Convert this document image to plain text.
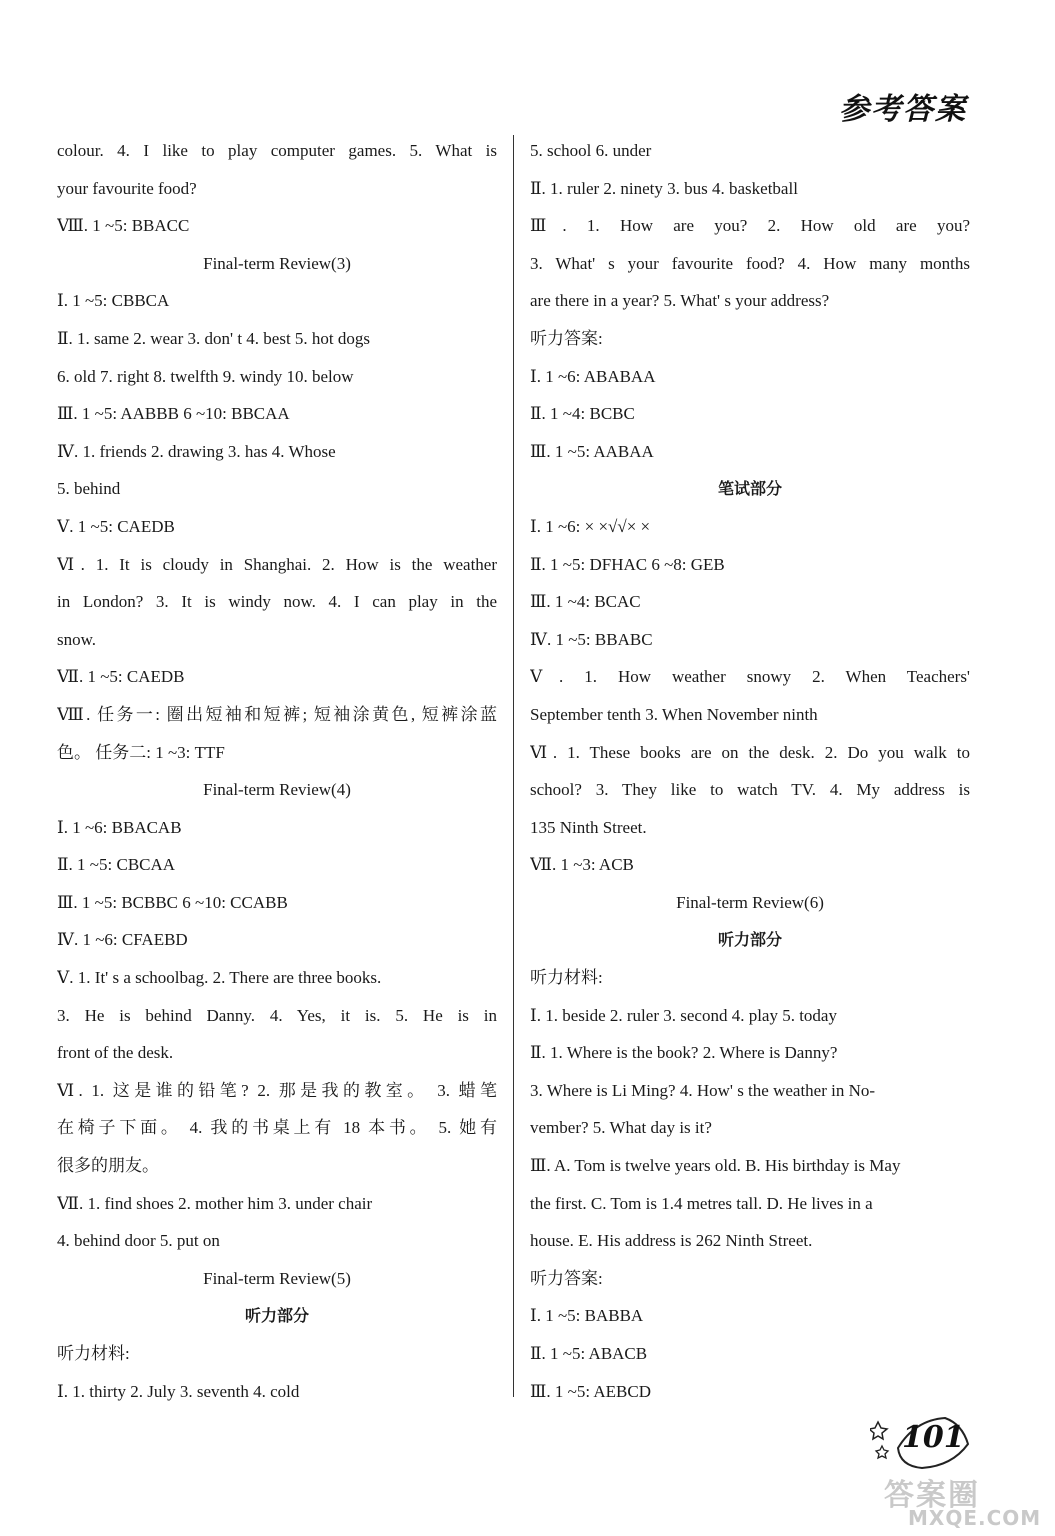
参考答案
colour. 4. I like to play computer games. 5. What is
your favourite food?
Ⅷ. 1 ~5: BBACC
Final-term Review(3)
Ⅰ. 1 ~5: CBBCA
Ⅱ. 1. same 2. wear 3. don' t 4. best 5. hot dogs
6. old 7. right 8. twelfth 9. windy 10. below
Ⅲ. 1 ~5: AABBB 6 ~10: BBCAA
Ⅳ. 1. friends 2. drawing 3. has 4. Whose
5. behind
Ⅴ. 1 ~5: CAEDB
Ⅵ. 1. It is cloudy in Shanghai. 2. How is the weather
in London? 3. It is windy now. 4. I can play in the
snow.
Ⅶ. 1 ~5: CAEDB
Ⅷ. 任务一: 圈出短袖和短裤; 短袖涂黄色, 短裤涂蓝
色。 任务二: 1 ~3: TTF
Final-term Review(4)
Ⅰ. 1 ~6: BBACAB
Ⅱ. 1 ~5: CBCAA
Ⅲ. 1 ~5: BCBBC 6 ~10: CCABB
Ⅳ. 1 ~6: CFAEBD
Ⅴ. 1. It' s a schoolbag. 2. There are three books.
3. He is behind Danny. 4. Yes, it is. 5. He is in
front of the desk.
Ⅵ. 1. 这是谁的铅笔? 2. 那是我的教室。 3. 蜡笔
在椅子下面。 4. 我的书桌上有 18 本书。 5. 她有
很多的朋友。
Ⅶ. 1. find shoes 2. mother him 3. under chair
4. behind door 5. put on
Final-term Review(5)
听力部分
听力材料:
Ⅰ. 1. thirty 2. July 3. seventh 4. cold
5. school 6. under
Ⅱ. 1. ruler 2. ninety 3. bus 4. basketball
Ⅲ. 1. How are you? 2. How old are you?
3. What' s your favourite food? 4. How many months
are there in a year? 5. What' s your address?
听力答案:
Ⅰ. 1 ~6: ABABAA
Ⅱ. 1 ~4: BCBC
Ⅲ. 1 ~5: AABAA
笔试部分
Ⅰ. 1 ~6: × ×√√× ×
Ⅱ. 1 ~5: DFHAC 6 ~8: GEB
Ⅲ. 1 ~4: BCAC
Ⅳ. 1 ~5: BBABC
Ⅴ. 1. How weather snowy 2. When Teachers'
September tenth 3. When November ninth
Ⅵ. 1. These books are on the desk. 2. Do you walk to
school? 3. They like to watch TV. 4. My address is
135 Ninth Street.
Ⅶ. 1 ~3: ACB
Final-term Review(6)
听力部分
听力材料:
Ⅰ. 1. beside 2. ruler 3. second 4. play 5. today
Ⅱ. 1. Where is the book? 2. Where is Danny?
3. Where is Li Ming? 4. How' s the weather in No-
vember? 5. What day is it?
Ⅲ. A. Tom is twelve years old. B. His birthday is May
the first. C. Tom is 1.4 metres tall. D. He lives in a
house. E. His address is 262 Ninth Street.
听力答案:
Ⅰ. 1 ~5: BABBA
Ⅱ. 1 ~5: ABACB
Ⅲ. 1 ~5: AEBCD
101
答案圈
MXQE.COM
